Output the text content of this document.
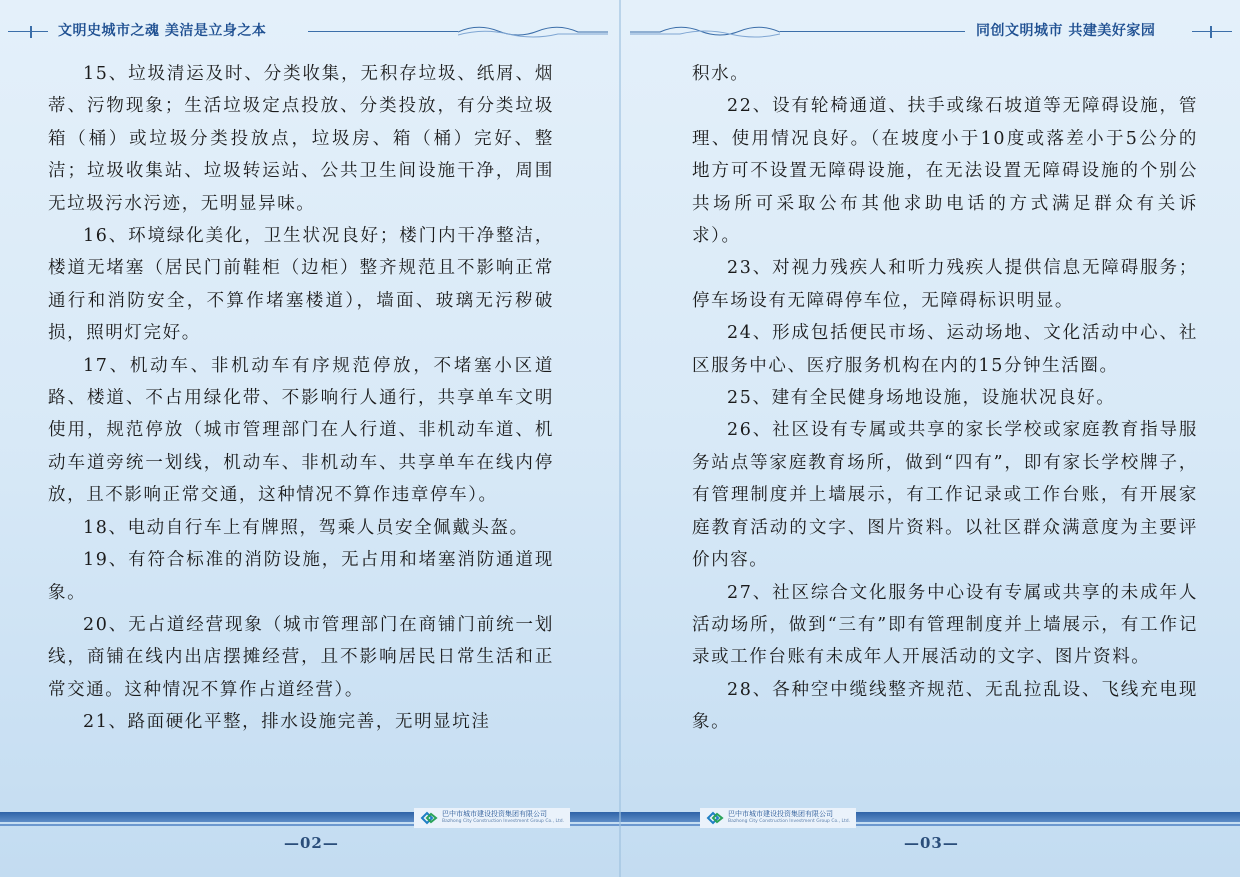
文明史城市之魂 美洁是立身之本

15、垃圾清运及时、分类收集，无积存垃圾、纸屑、烟蒂、污物现象；生活垃圾定点投放、分类投放，有分类垃圾箱（桶）或垃圾分类投放点，垃圾房、箱（桶）完好、整洁；垃圾收集站、垃圾转运站、公共卫生间设施干净，周围无垃圾污水污迹，无明显异味。

16、环境绿化美化，卫生状况良好；楼门内干净整洁，楼道无堵塞（居民门前鞋柜（边柜）整齐规范且不影响正常通行和消防安全，不算作堵塞楼道），墙面、玻璃无污秽破损，照明灯完好。

17、机动车、非机动车有序规范停放，不堵塞小区道路、楼道、不占用绿化带、不影响行人通行，共享单车文明使用，规范停放（城市管理部门在人行道、非机动车道、机动车道旁统一划线，机动车、非机动车、共享单车在线内停放，且不影响正常交通，这种情况不算作违章停车）。

18、电动自行车上有牌照，驾乘人员安全佩戴头盔。

19、有符合标准的消防设施，无占用和堵塞消防通道现象。

20、无占道经营现象（城市管理部门在商铺门前统一划线，商铺在线内出店摆摊经营，且不影响居民日常生活和正常交通。这种情况不算作占道经营）。

21、路面硬化平整，排水设施完善，无明显坑洼

巴中市城市建设投资集团有限公司
Bazhong City Construction Investment Group Co., Ltd.
—02—
同创文明城市 共建美好家园

积水。

22、设有轮椅通道、扶手或缘石坡道等无障碍设施，管理、使用情况良好。（在坡度小于10度或落差小于5公分的地方可不设置无障碍设施，在无法设置无障碍设施的个别公共场所可采取公布其他求助电话的方式满足群众有关诉求）。

23、对视力残疾人和听力残疾人提供信息无障碍服务；停车场设有无障碍停车位，无障碍标识明显。

24、形成包括便民市场、运动场地、文化活动中心、社区服务中心、医疗服务机构在内的15分钟生活圈。

25、建有全民健身场地设施，设施状况良好。

26、社区设有专属或共享的家长学校或家庭教育指导服务站点等家庭教育场所，做到“四有”，即有家长学校牌子，有管理制度并上墙展示，有工作记录或工作台账，有开展家庭教育活动的文字、图片资料。以社区群众满意度为主要评价内容。

27、社区综合文化服务中心设有专属或共享的未成年人活动场所，做到“三有”即有管理制度并上墙展示，有工作记录或工作台账有未成年人开展活动的文字、图片资料。

28、各种空中缆线整齐规范、无乱拉乱设、飞线充电现象。

巴中市城市建设投资集团有限公司
Bazhong City Construction Investment Group Co., Ltd.
—03—
